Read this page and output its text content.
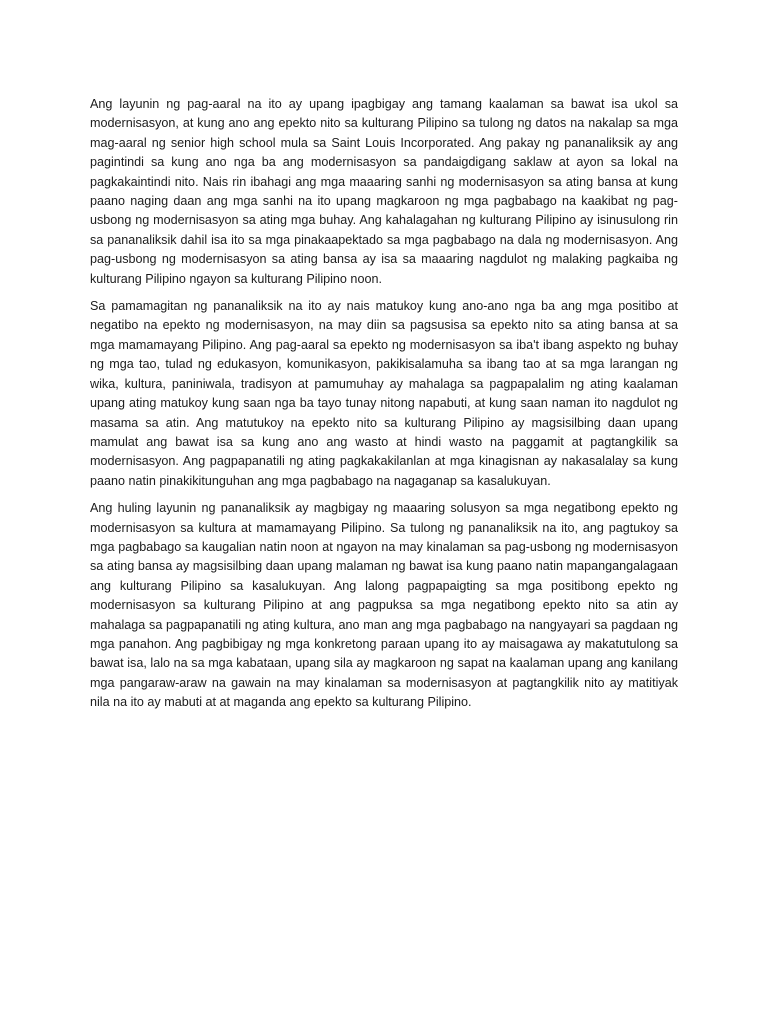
Ang layunin ng pag-aaral na ito ay upang ipagbigay ang tamang kaalaman sa bawat isa ukol sa modernisasyon, at kung ano ang epekto nito sa kulturang Pilipino sa tulong ng datos na nakalap sa mga mag-aaral ng senior high school mula sa Saint Louis Incorporated. Ang pakay ng pananaliksik ay ang pagintindi sa kung ano nga ba ang modernisasyon sa pandaigdigang saklaw at ayon sa lokal na pagkakaintindi nito. Nais rin ibahagi ang mga maaaring sanhi ng modernisasyon sa ating bansa at kung paano naging daan ang mga sanhi na ito upang magkaroon ng mga pagbabago na kaakibat ng pag-usbong ng modernisasyon sa ating mga buhay. Ang kahalagahan ng kulturang Pilipino ay isinusulong rin sa pananaliksik dahil isa ito sa mga pinakaapektado sa mga pagbabago na dala ng modernisasyon. Ang pag-usbong ng modernisasyon sa ating bansa ay isa sa maaaring nagdulot ng malaking pagkaiba ng kulturang Pilipino ngayon sa kulturang Pilipino noon.

Sa pamamagitan ng pananaliksik na ito ay nais matukoy kung ano-ano nga ba ang mga positibo at negatibo na epekto ng modernisasyon, na may diin sa pagsusisa sa epekto nito sa ating bansa at sa mga mamamayang Pilipino. Ang pag-aaral sa epekto ng modernisasyon sa iba't ibang aspekto ng buhay ng mga tao, tulad ng edukasyon, komunikasyon, pakikisalamuha sa ibang tao at sa mga larangan ng wika, kultura, paniniwala, tradisyon at pamumuhay ay mahalaga sa pagpapalalim ng ating kaalaman upang ating matukoy kung saan nga ba tayo tunay nitong napabuti, at kung saan naman ito nagdulot ng masama sa atin. Ang matutukoy na epekto nito sa kulturang Pilipino ay magsisilbing daan upang mamulat ang bawat isa sa kung ano ang wasto at hindi wasto na paggamit at pagtangkilik sa modernisasyon. Ang pagpapanatili ng ating pagkakakilanlan at mga kinagisnan ay nakasalalay sa kung paano natin pinakikitunguhan ang mga pagbabago na nagaganap sa kasalukuyan.

Ang huling layunin ng pananaliksik ay magbigay ng maaaring solusyon sa mga negatibong epekto ng modernisasyon sa kultura at mamamayang Pilipino. Sa tulong ng pananaliksik na ito, ang pagtukoy sa mga pagbabago sa kaugalian natin noon at ngayon na may kinalaman sa pag-usbong ng modernisasyon sa ating bansa ay magsisilbing daan upang malaman ng bawat isa kung paano natin mapangangalagaan ang kulturang Pilipino sa kasalukuyan. Ang lalong pagpapaigting sa mga positibong epekto ng modernisasyon sa kulturang Pilipino at ang pagpuksa sa mga negatibong epekto nito sa atin ay mahalaga sa pagpapanatili ng ating kultura, ano man ang mga pagbabago na nangyayari sa pagdaan ng mga panahon. Ang pagbibigay ng mga konkretong paraan upang ito ay maisagawa ay makatutulong sa bawat isa, lalo na sa mga kabataan, upang sila ay magkaroon ng sapat na kaalaman upang ang kanilang mga pangaraw-araw na gawain na may kinalaman sa modernisasyon at pagtangkilik nito ay matitiyak nila na ito ay mabuti at at maganda ang epekto sa kulturang Pilipino.
